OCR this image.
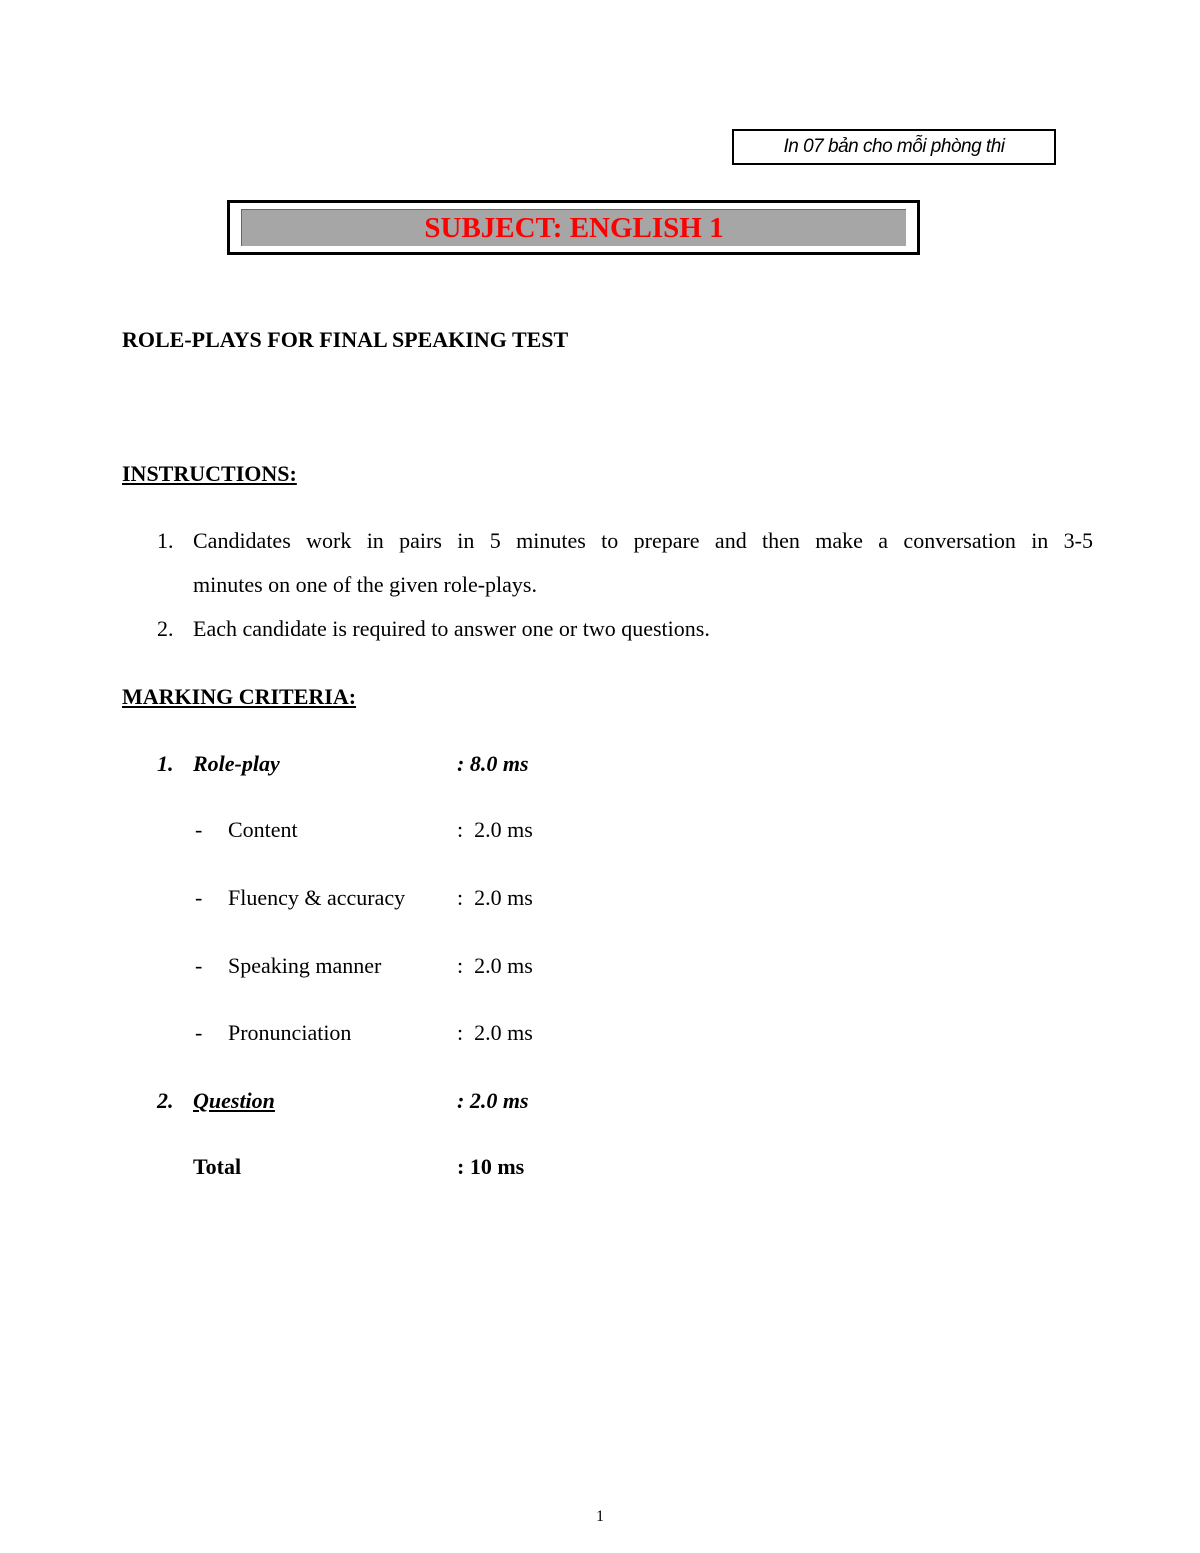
In 07 bản cho mỗi phòng thi
SUBJECT: ENGLISH 1
ROLE-PLAYS FOR FINAL SPEAKING TEST
INSTRUCTIONS:
1. Candidates work in pairs in 5 minutes to prepare and then make a conversation in 3-5
minutes on one of the given role-plays.
2. Each candidate is required to answer one or two questions.
MARKING CRITERIA:
1. Role-play	: 8.0 ms
- Content	:  2.0 ms
- Fluency & accuracy :  2.0 ms
- Speaking manner	:  2.0 ms
- Pronunciation	:  2.0 ms
2. Question	: 2.0 ms
Total	: 10 ms
1
